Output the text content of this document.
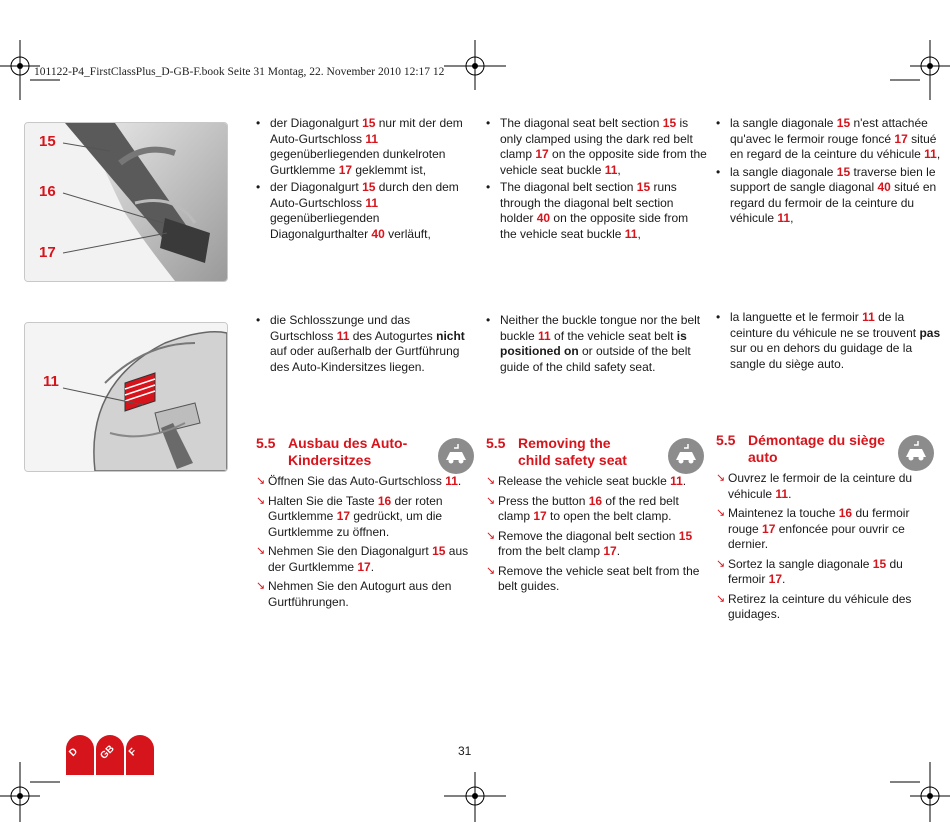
101122-P4_FirstClassPlus_D-GB-F.book Seite 31 Montag, 22. November 2010 12:17 12
15
16
17
11
• der Diagonalgurt 15 nur mit der dem Auto-Gurtschloss 11 gegenüberliegenden dunkelroten Gurtklemme 17 geklemmt ist,
• der Diagonalgurt 15 durch den dem Auto-Gurtschloss 11 gegenüberliegenden Diagonalgurthalter 40 verläuft,
• The diagonal seat belt section 15 is only clamped using the dark red belt clamp 17 on the opposite side from the vehicle seat buckle 11,
• The diagonal belt section 15 runs through the diagonal belt section holder 40 on the opposite side from the vehicle seat buckle 11,
• la sangle diagonale 15 n'est attachée qu'avec le fermoir rouge foncé 17 situé en regard de la ceinture du véhicule 11,
• la sangle diagonale 15 traverse bien le support de sangle diagonal 40 situé en regard du fermoir de la ceinture du véhicule 11,
• die Schlosszunge und das Gurtschloss 11 des Autogurtes nicht auf oder außerhalb der Gurtführung des Auto-Kindersitzes liegen.
• Neither the buckle tongue nor the belt buckle 11 of the vehicle seat belt is positioned on or outside of the belt guide of the child safety seat.
• la languette et le fermoir 11 de la ceinture du véhicule ne se trouvent pas sur ou en dehors du guidage de la sangle du siège auto.
5.5 Ausbau des Auto-
Kindersitzes
5.5 Removing the
child safety seat
5.5 Démontage du siège
auto
↘ Öffnen Sie das Auto-Gurtschloss 11.
↘ Halten Sie die Taste 16 der roten Gurtklemme 17 gedrückt, um die Gurtklemme zu öffnen.
↘ Nehmen Sie den Diagonalgurt 15 aus der Gurtklemme 17.
↘ Nehmen Sie den Autogurt aus den Gurtführungen.
↘ Release the vehicle seat buckle 11.
↘ Press the button 16 of the red belt clamp 17 to open the belt clamp.
↘ Remove the diagonal belt section 15 from the belt clamp 17.
↘ Remove the vehicle seat belt from the belt guides.
↘ Ouvrez le fermoir de la ceinture du véhicule 11.
↘ Maintenez la touche 16 du fermoir rouge 17 enfoncée pour ouvrir ce dernier.
↘ Sortez la sangle diagonale 15 du fermoir 17.
↘ Retirez la ceinture du véhicule des guidages.
31
D GB F
